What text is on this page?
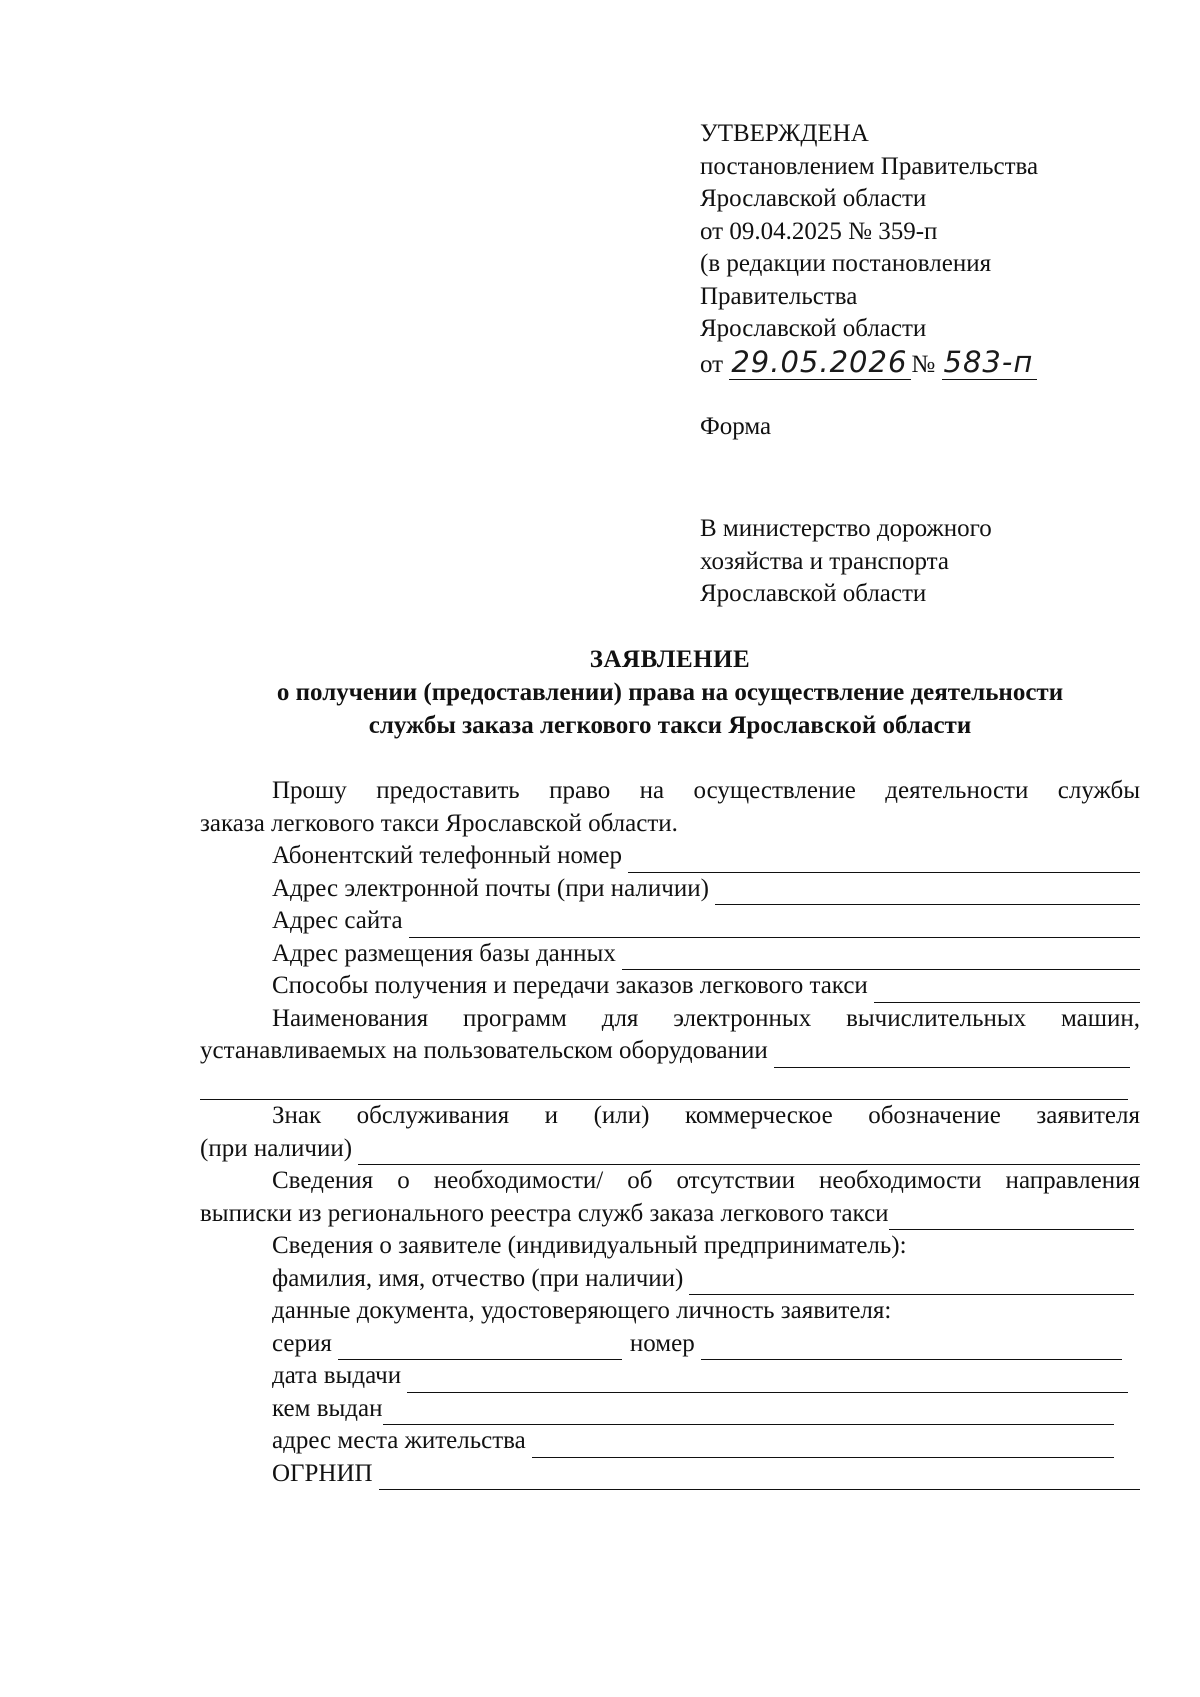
УТВЕРЖДЕНА
постановлением Правительства
Ярославской области
от 09.04.2025 № 359-п
(в редакции постановления
Правительства
Ярославской области
от 29.05.2026 № 583-п
Форма
В министерство дорожного
хозяйства и транспорта
Ярославской области
ЗАЯВЛЕНИЕ
о получении (предоставлении) права на осуществление деятельности
службы заказа легкового такси Ярославской области
Прошу предоставить право на осуществление деятельности службы
заказа легкового такси Ярославской области.
Абонентский телефонный номер
Адрес электронной почты (при наличии)
Адрес сайта
Адрес размещения базы данных
Способы получения и передачи заказов легкового такси
Наименования программ для электронных вычислительных машин,
устанавливаемых на пользовательском оборудовании
Знак обслуживания и (или) коммерческое обозначение заявителя
(при наличии)
Сведения о необходимости/ об отсутствии необходимости направления
выписки из регионального реестра служб заказа легкового такси
Сведения о заявителе (индивидуальный предприниматель):
фамилия, имя, отчество (при наличии)
данные документа, удостоверяющего личность заявителя:
серия	номер
дата выдачи
кем выдан
адрес места жительства
ОГРНИП
